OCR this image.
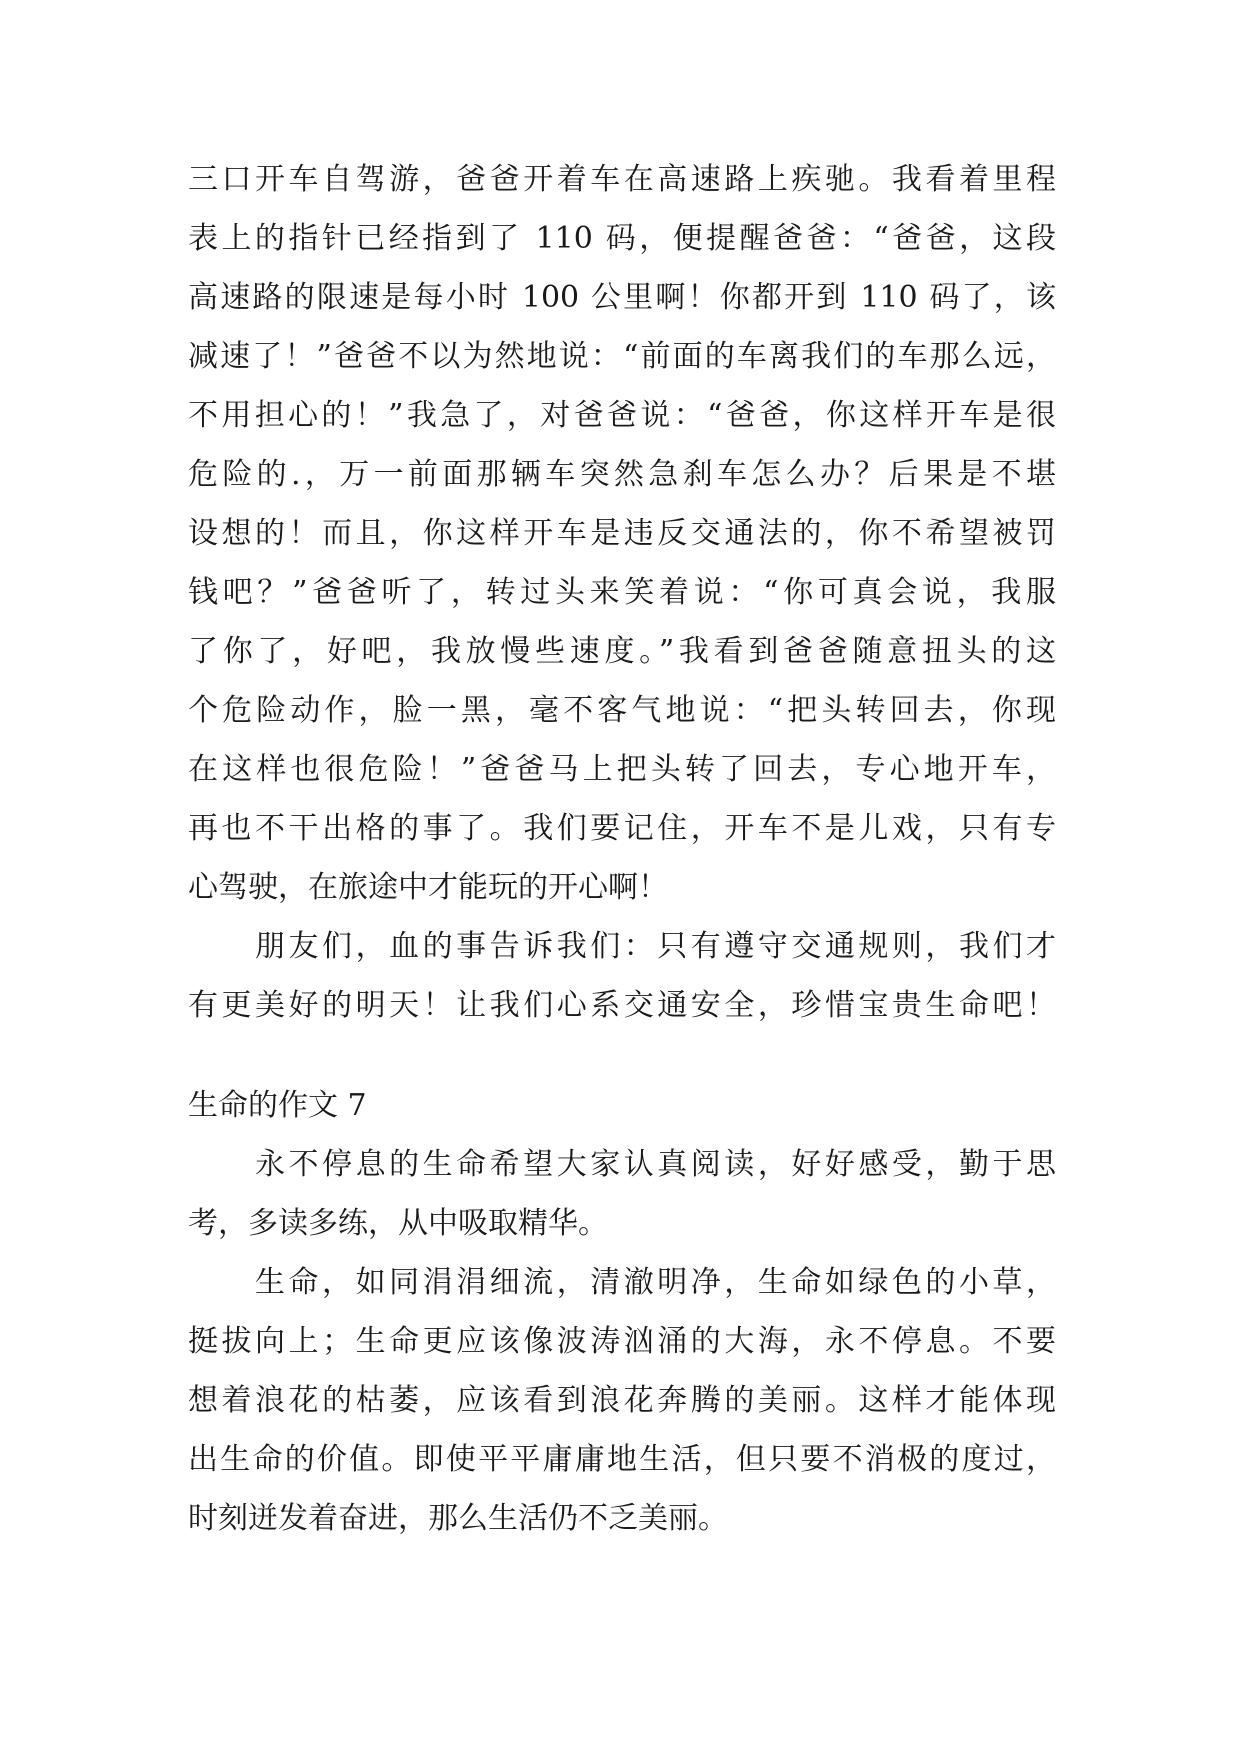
三口开车自驾游，爸爸开着车在高速路上疾驰。我看着里程
表上的指针已经指到了 110 码，便提醒爸爸：“爸爸，这段
高速路的限速是每小时 100 公里啊！你都开到 110 码了，该
减速了！”爸爸不以为然地说：“前面的车离我们的车那么远，
不用担心的！”我急了，对爸爸说：“爸爸，你这样开车是很
危险的.，万一前面那辆车突然急刹车怎么办？后果是不堪
设想的！而且，你这样开车是违反交通法的，你不希望被罚
钱吧？”爸爸听了，转过头来笑着说：“你可真会说，我服
了你了，好吧，我放慢些速度。”我看到爸爸随意扭头的这
个危险动作，脸一黑，毫不客气地说：“把头转回去，你现
在这样也很危险！”爸爸马上把头转了回去，专心地开车，
再也不干出格的事了。我们要记住，开车不是儿戏，只有专
心驾驶，在旅途中才能玩的开心啊！
朋友们，血的事告诉我们：只有遵守交通规则，我们才
有更美好的明天！让我们心系交通安全，珍惜宝贵生命吧！
生命的作文 7
永不停息的生命希望大家认真阅读，好好感受，勤于思
考，多读多练，从中吸取精华。
生命，如同涓涓细流，清澈明净，生命如绿色的小草，
挺拔向上；生命更应该像波涛汹涌的大海，永不停息。不要
想着浪花的枯萎，应该看到浪花奔腾的美丽。这样才能体现
出生命的价值。即使平平庸庸地生活，但只要不消极的度过，
时刻迸发着奋进，那么生活仍不乏美丽。
